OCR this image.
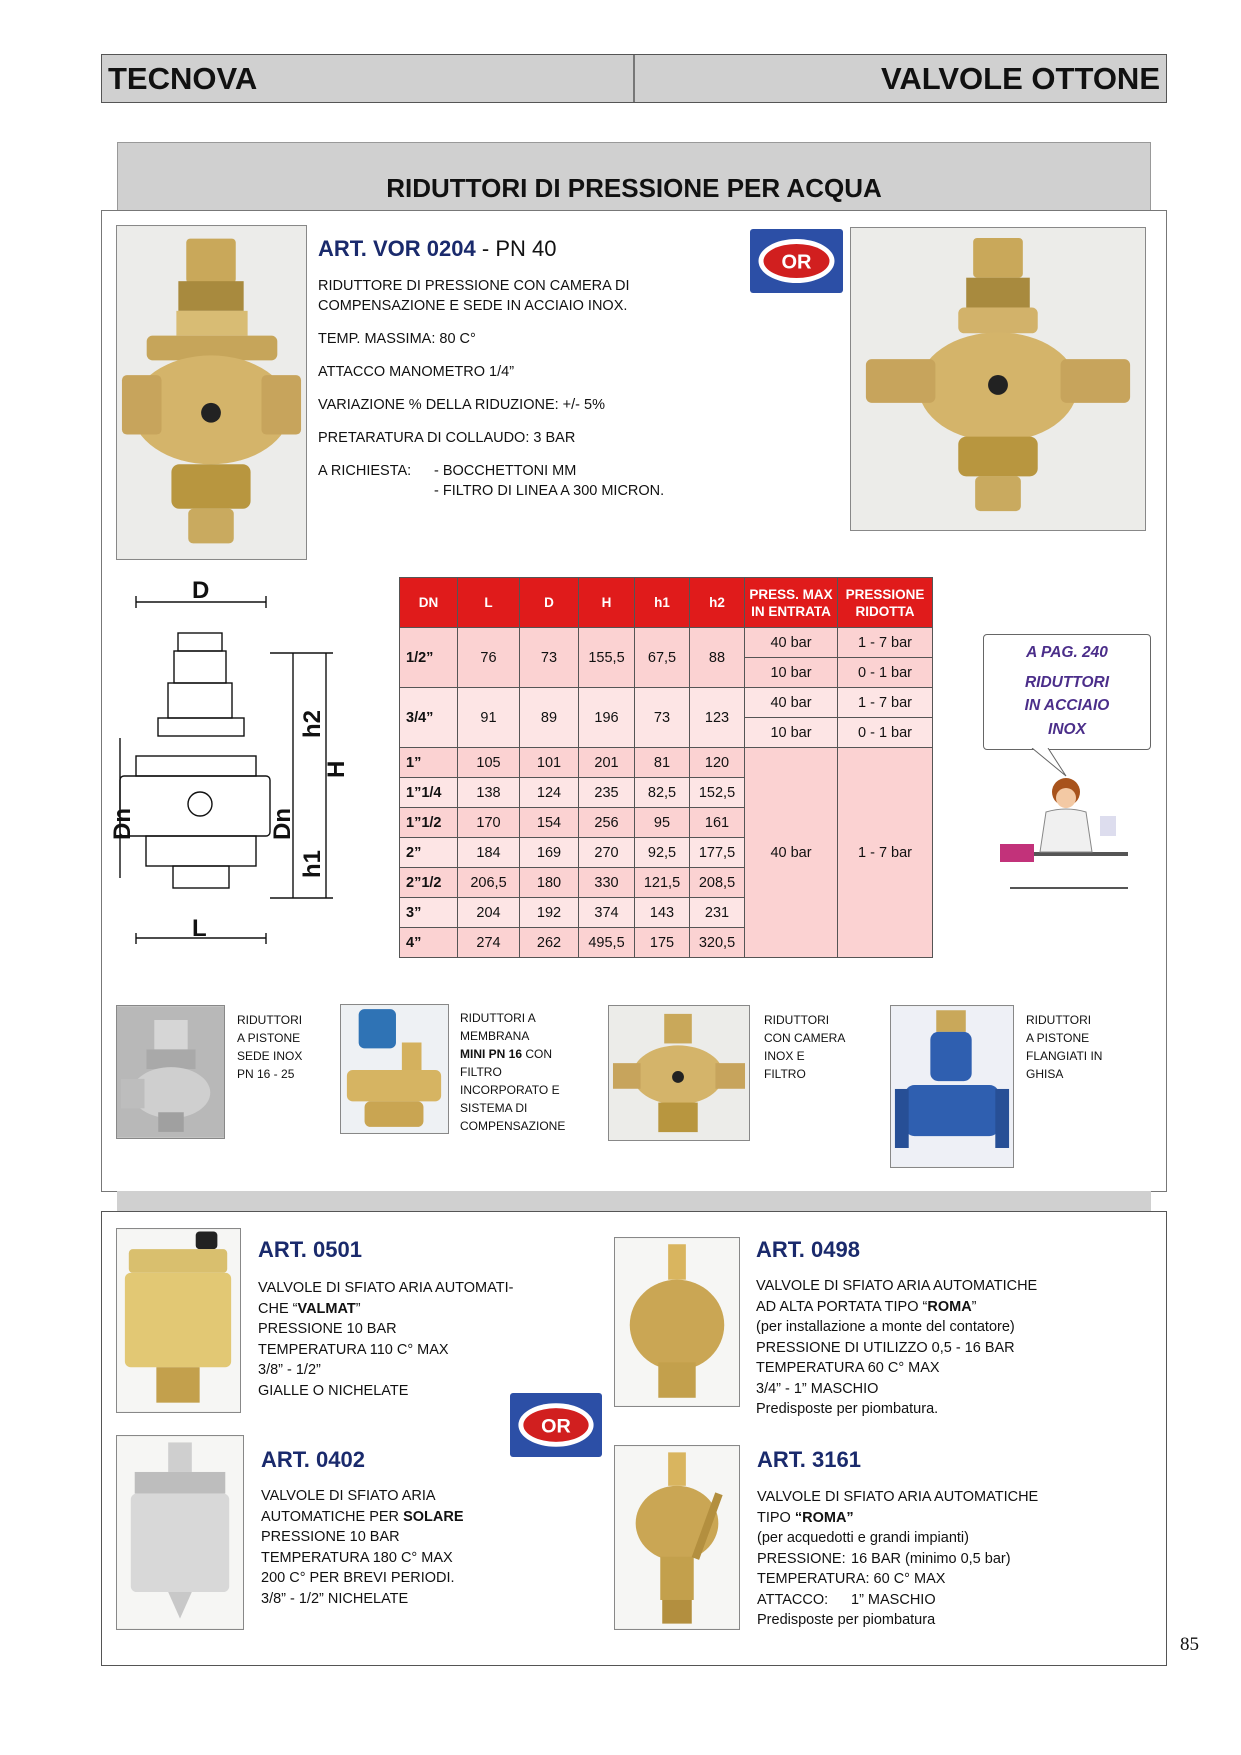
TECNOVA	VALVOLE OTTONE
RIDUTTORI DI PRESSIONE PER ACQUA
ART. VOR 0204 - PN 40
RIDUTTORE DI PRESSIONE CON CAMERA DI
COMPENSAZIONE E SEDE IN ACCIAIO INOX.
TEMP. MASSIMA: 80 C°
ATTACCO MANOMETRO 1/4”
VARIAZIONE % DELLA RIDUZIONE: +/- 5%
PRETARATURA DI COLLAUDO: 3 BAR
A RICHIESTA: - BOCCHETTONI MM
- FILTRO DI LINEA A 300 MICRON.
OR
D
L
H
h2
h1
Dn	Dn
DN	L	D	H	h1	h2	PRESS. MAX
IN ENTRATA	PRESSIONE
RIDOTTA
1/2”	76	73	155,5	67,5	88	40 bar	1 - 7 bar
						10 bar	0 - 1 bar
3/4”	91	89	196	73	123	40 bar	1 - 7 bar
						10 bar	0 - 1 bar
1”	105	101	201	81	120	40 bar	1 - 7 bar
1”1/4	138	124	235	82,5	152,5		
1”1/2	170	154	256	95	161		
2”	184	169	270	92,5	177,5		
2”1/2	206,5	180	330	121,5	208,5		
3”	204	192	374	143	231		
4”	274	262	495,5	175	320,5		
A PAG. 240
RIDUTTORI
IN ACCIAIO
INOX
RIDUTTORI
A PISTONE
SEDE INOX
PN 16 - 25
RIDUTTORI A
MEMBRANA
MINI PN 16 CON
FILTRO
INCORPORATO E
SISTEMA DI
COMPENSAZIONE
RIDUTTORI
CON CAMERA
INOX E
FILTRO
RIDUTTORI
A PISTONE
FLANGIATI IN
GHISA
ART. 0501
VALVOLE DI SFIATO ARIA AUTOMATI-
CHE “VALMAT”
PRESSIONE 10 BAR
TEMPERATURA 110 C° MAX
3/8” - 1/2”
GIALLE O NICHELATE
OR
ART. 0498
VALVOLE DI SFIATO ARIA AUTOMATICHE
AD ALTA PORTATA TIPO “ROMA”
(per installazione a monte del contatore)
PRESSIONE DI UTILIZZO 0,5 - 16 BAR
TEMPERATURA 60 C° MAX
3/4” - 1” MASCHIO
Predisposte per piombatura.
ART. 0402
VALVOLE DI SFIATO ARIA
AUTOMATICHE PER SOLARE
PRESSIONE 10 BAR
TEMPERATURA 180 C° MAX
200 C° PER BREVI PERIODI.
3/8” - 1/2” NICHELATE
ART. 3161
VALVOLE DI SFIATO ARIA AUTOMATICHE
TIPO “ROMA”
(per acquedotti e grandi impianti)
PRESSIONE: 16 BAR (minimo 0,5 bar)
TEMPERATURA: 60 C° MAX
ATTACCO: 1” MASCHIO
Predisposte per piombatura
85
